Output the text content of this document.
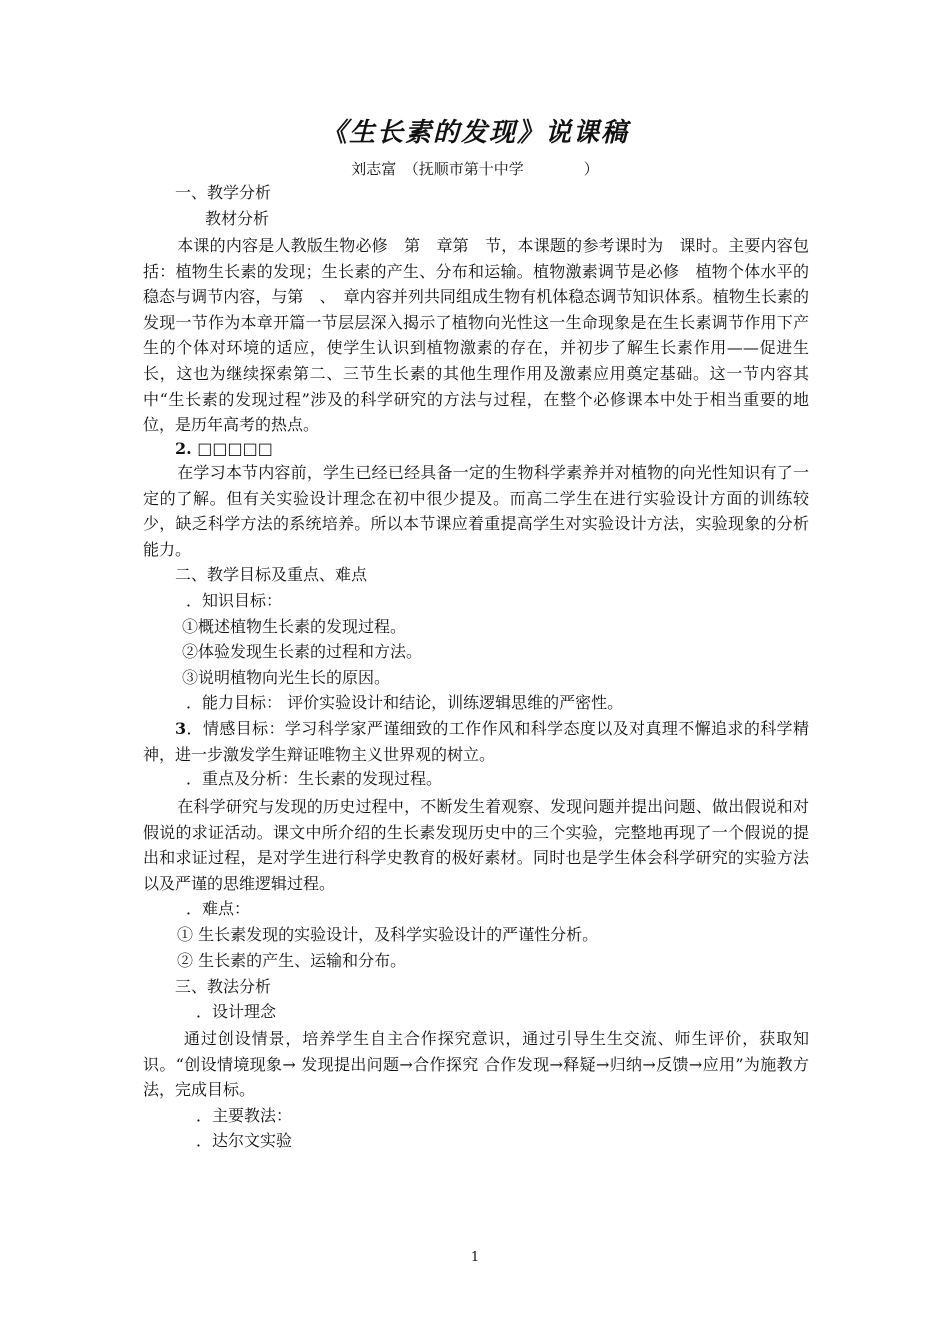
《生长素的发现》说课稿
刘志富　（抚顺市第十中学　　　　）
一、教学分析
教材分析
本课的内容是人教版生物必修　第　章第　节，本课题的参考课时为　课时。主要内容包括：植物生长素的发现；生长素的产生、分布和运输。植物激素调节是必修　植物个体水平的稳态与调节内容，与第　、　章内容并列共同组成生物有机体稳态调节知识体系。植物生长素的发现一节作为本章开篇一节层层深入揭示了植物向光性这一生命现象是在生长素调节作用下产生的个体对环境的适应，使学生认识到植物激素的存在，并初步了解生长素作用——促进生长，这也为继续探索第二、三节生长素的其他生理作用及激素应用奠定基础。这一节内容其中“生长素的发现过程”涉及的科学研究的方法与过程，在整个必修课本中处于相当重要的地位，是历年高考的热点。
2. □□□□□
在学习本节内容前，学生已经已经具备一定的生物科学素养并对植物的向光性知识有了一定的了解。但有关实验设计理念在初中很少提及。而高二学生在进行实验设计方面的训练较少，缺乏科学方法的系统培养。所以本节课应着重提高学生对实验设计方法，实验现象的分析能力。
二、教学目标及重点、难点
．知识目标：
①概述植物生长素的发现过程。
②体验发现生长素的过程和方法。
③说明植物向光生长的原因。
．能力目标： 评价实验设计和结论，训练逻辑思维的严密性。
3．情感目标：学习科学家严谨细致的工作作风和科学态度以及对真理不懈追求的科学精神，进一步激发学生辩证唯物主义世界观的树立。
．重点及分析：生长素的发现过程。
在科学研究与发现的历史过程中，不断发生着观察、发现问题并提出问题、做出假说和对假说的求证活动。课文中所介绍的生长素发现历史中的三个实验，完整地再现了一个假说的提出和求证过程，是对学生进行科学史教育的极好素材。同时也是学生体会科学研究的实验方法以及严谨的思维逻辑过程。
．难点：
① 生长素发现的实验设计，及科学实验设计的严谨性分析。
② 生长素的产生、运输和分布。
三、教法分析
．设计理念
通过创设情景，培养学生自主合作探究意识，通过引导生生交流、师生评价，获取知识。“创设情境现象→ 发现提出问题→合作探究 合作发现→释疑→归纳→反馈→应用”为施教方法，完成目标。
．主要教法：
．达尔文实验
1
